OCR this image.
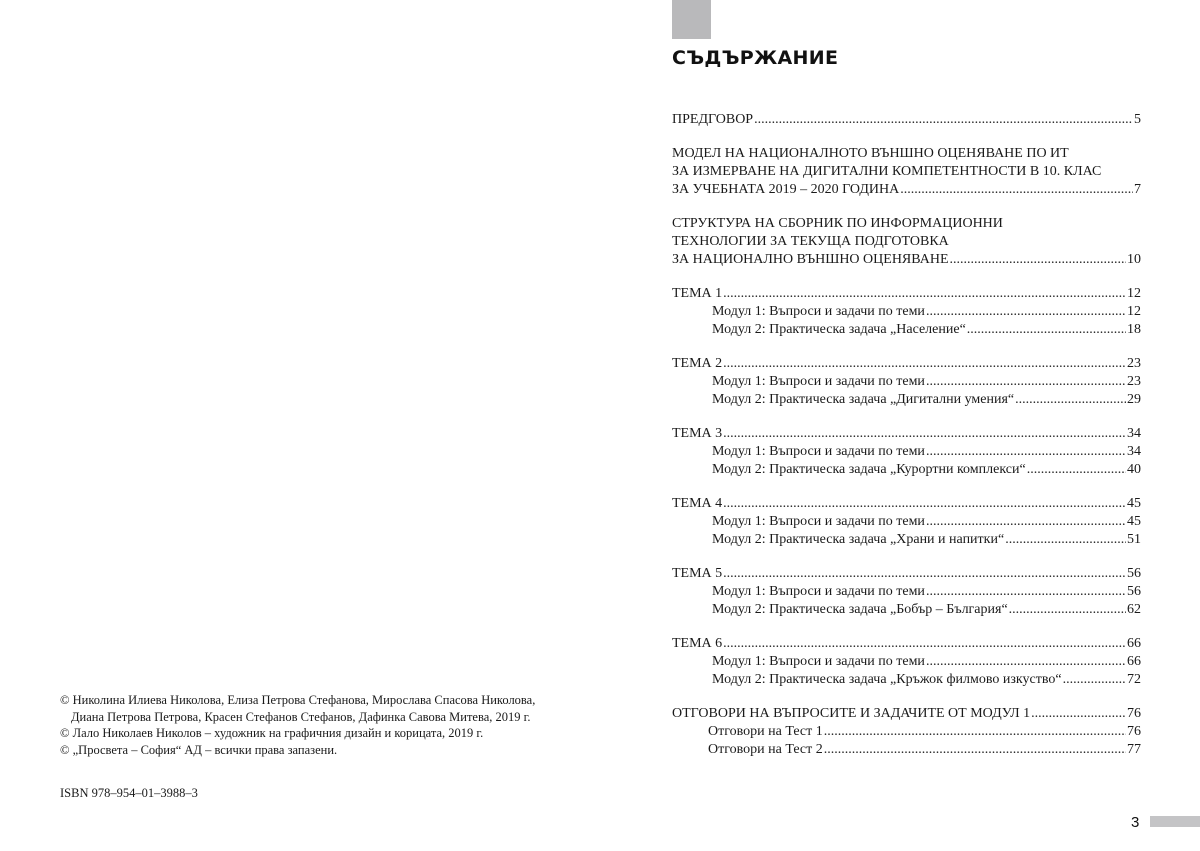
© Николина Илиева Николова, Елиза Петрова Стефанова, Мирослава Спасова Николова,
Диана Петрова Петрова, Красен Стефанов Стефанов, Дафинка Савова Митева, 2019 г.
© Лало Николаев Николов – художник на графичния дизайн и корицата, 2019 г.
© „Просвета – София“ АД – всички права запазени.
ISBN 978–954–01–3988–3
СЪДЪРЖАНИЕ
ПРЕДГОВОР .....	5
МОДЕЛ НА НАЦИОНАЛНОТО ВЪНШНО ОЦЕНЯВАНЕ ПО ИТ
ЗА ИЗМЕРВАНЕ НА ДИГИТАЛНИ КОМПЕТЕНТНОСТИ В 10. КЛАС
ЗА УЧЕБНАТА 2019 – 2020 ГОДИНА .....	7
СТРУКТУРА НА СБОРНИК ПО ИНФОРМАЦИОННИ
ТЕХНОЛОГИИ ЗА ТЕКУЩА ПОДГОТОВКА
ЗА НАЦИОНАЛНО ВЪНШНО ОЦЕНЯВАНЕ .....	10
ТЕМА 1 .....	12
Модул 1: Въпроси и задачи по теми .....	12
Модул 2: Практическа задача „Население“ .....	18
ТЕМА 2 .....	23
Модул 1: Въпроси и задачи по теми .....	23
Модул 2: Практическа задача „Дигитални умения“ .....	29
ТЕМА 3 .....	34
Модул 1: Въпроси и задачи по теми .....	34
Модул 2: Практическа задача „Курортни комплекси“ .....	40
ТЕМА 4 .....	45
Модул 1: Въпроси и задачи по теми .....	45
Модул 2: Практическа задача „Храни и напитки“ .....	51
ТЕМА 5 .....	56
Модул 1: Въпроси и задачи по теми .....	56
Модул 2: Практическа задача „Бобър – България“ .....	62
ТЕМА 6 .....	66
Модул 1: Въпроси и задачи по теми .....	66
Модул 2: Практическа задача „Кръжок филмово изкуство“ .....	72
ОТГОВОРИ НА ВЪПРОСИТЕ И ЗАДАЧИТЕ ОТ МОДУЛ 1 .....	76
Отговори на Тест 1 .....	76
Отговори на Тест 2 .....	77
3
